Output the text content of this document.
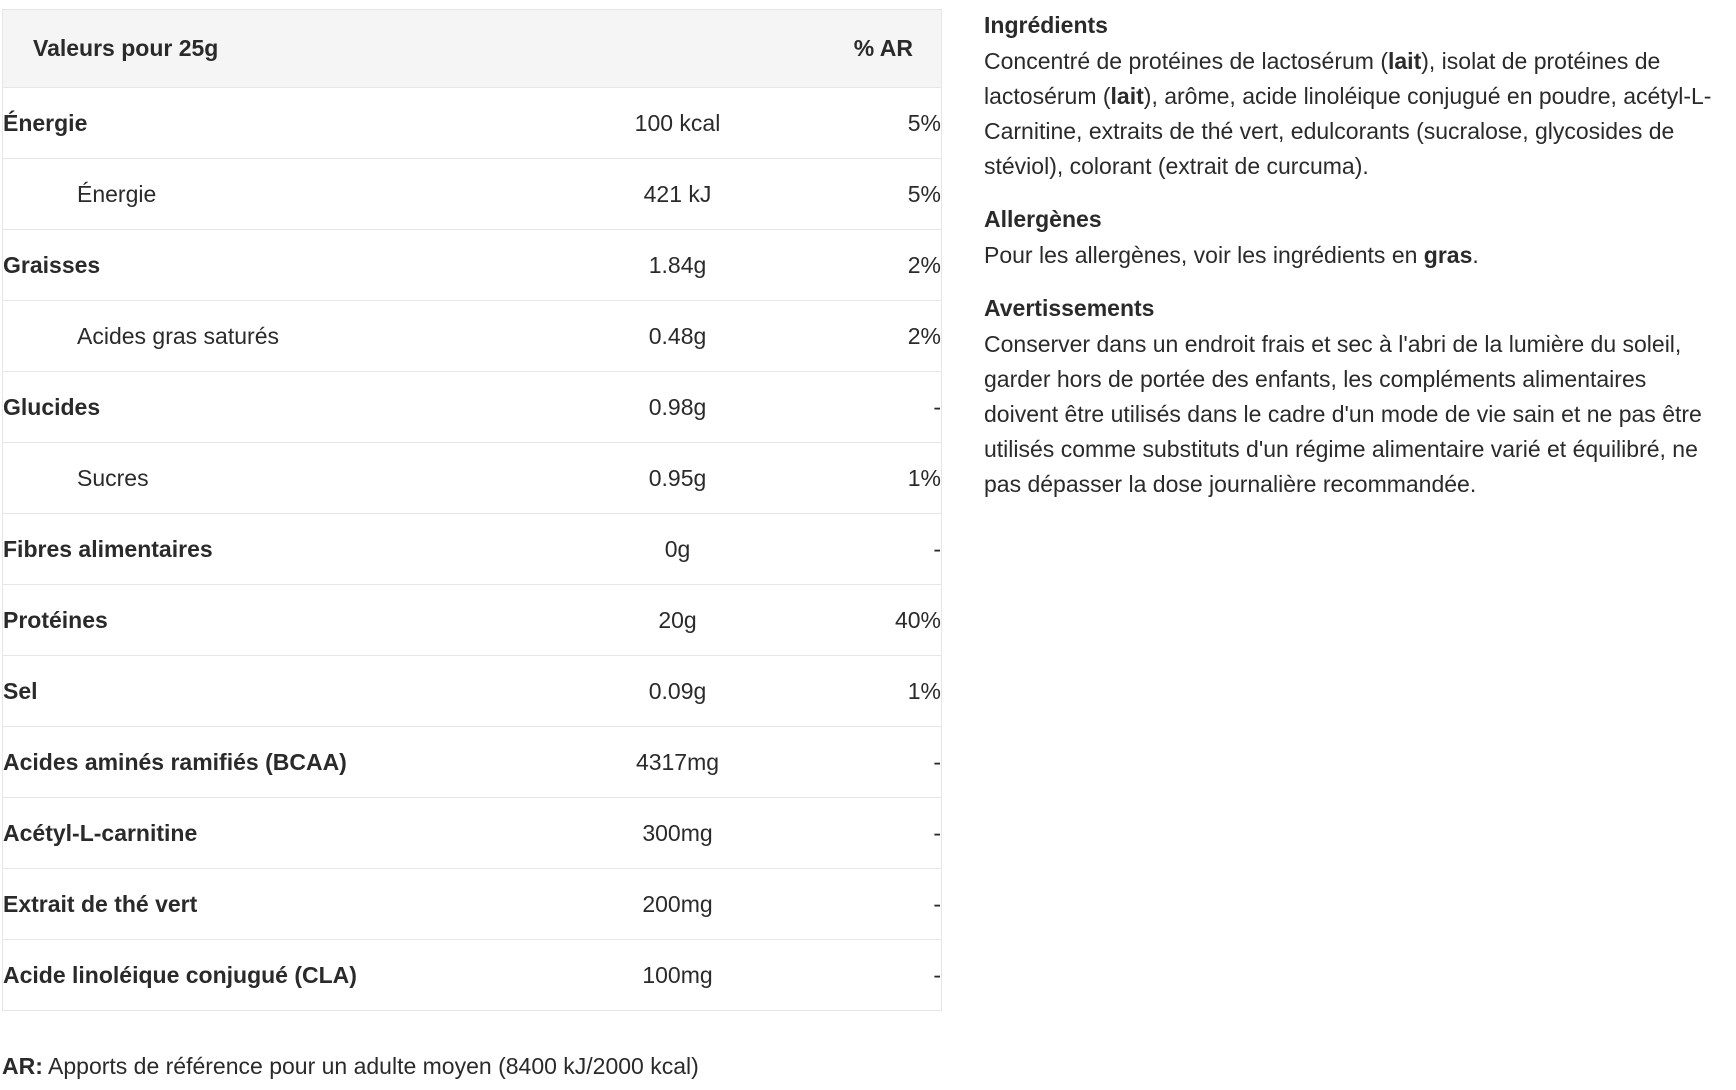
Valeurs pour 25g		% AR
Énergie	100 kcal	5%
Énergie	421 kJ	5%
Graisses	1.84g	2%
Acides gras saturés	0.48g	2%
Glucides	0.98g	-
Sucres	0.95g	1%
Fibres alimentaires	0g	-
Protéines	20g	40%
Sel	0.09g	1%
Acides aminés ramifiés (BCAA)	4317mg	-
Acétyl-L-carnitine	300mg	-
Extrait de thé vert	200mg	-
Acide linoléique conjugué (CLA)	100mg	-
AR: Apports de référence pour un adulte moyen (8400 kJ/2000 kcal)
Ingrédients

Concentré de protéines de lactosérum (lait), isolat de protéines de lactosérum (lait), arôme, acide linoléique conjugué en poudre, acétyl-L-Carnitine, extraits de thé vert, edulcorants (sucralose, glycosides de stéviol), colorant (extrait de curcuma).

Allergènes

Pour les allergènes, voir les ingrédients en gras.

Avertissements

Conserver dans un endroit frais et sec à l'abri de la lumière du soleil, garder hors de portée des enfants, les compléments alimentaires doivent être utilisés dans le cadre d'un mode de vie sain et ne pas être utilisés comme substituts d'un régime alimentaire varié et équilibré, ne pas dépasser la dose journalière recommandée.
